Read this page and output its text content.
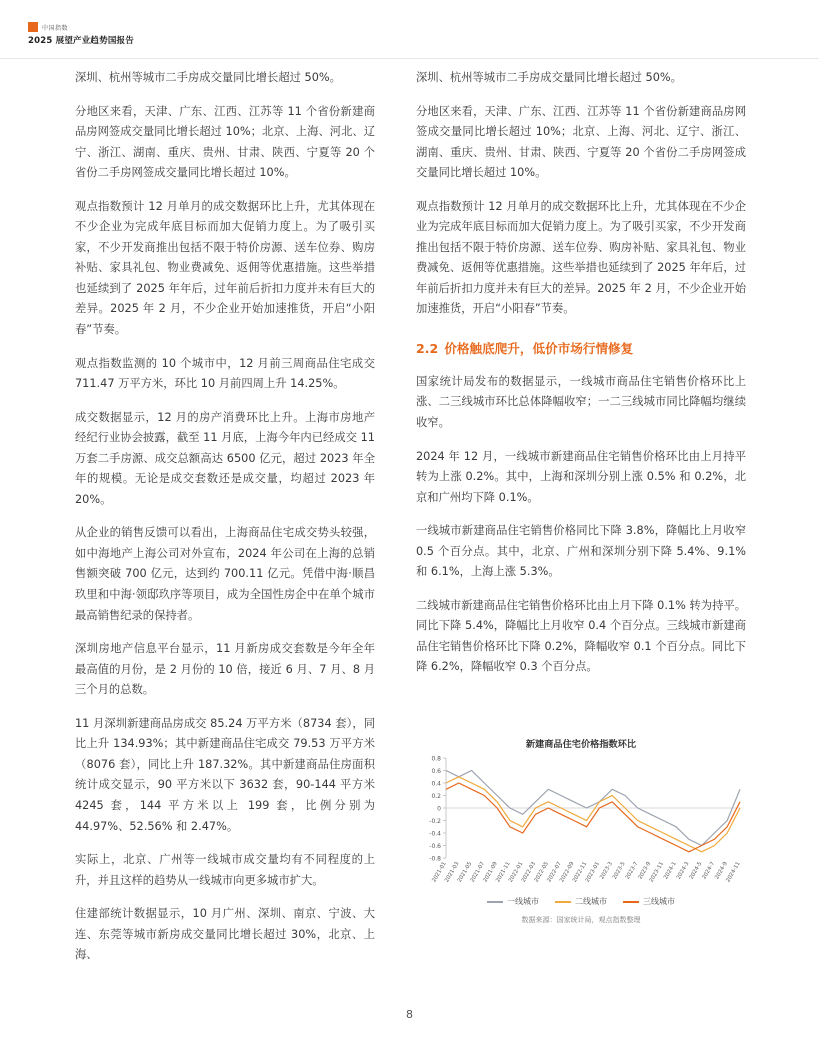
中国指数
2025 展望产业趋势国报告

深圳、杭州等城市二手房成交量同比增长超过 50%。

分地区来看，天津、广东、江西、江苏等 11 个省份新建商品房网签成交量同比增长超过 10%；北京、上海、河北、辽宁、浙江、湖南、重庆、贵州、甘肃、陕西、宁夏等 20 个省份二手房网签成交量同比增长超过 10%。

观点指数预计 12 月单月的成交数据环比上升，尤其体现在不少企业为完成年底目标而加大促销力度上。为了吸引买家，不少开发商推出包括不限于特价房源、送车位券、购房补贴、家具礼包、物业费减免、返佣等优惠措施。这些举措也延续到了 2025 年年后，过年前后折扣力度并未有巨大的差异。2025 年 2 月，不少企业开始加速推货，开启“小阳春”节奏。

观点指数监测的 10 个城市中，12 月前三周商品住宅成交 711.47 万平方米，环比 10 月前四周上升 14.25%。

成交数据显示，12 月的房产消费环比上升。上海市房地产经纪行业协会披露，截至 11 月底，上海今年内已经成交 11 万套二手房源、成交总额高达 6500 亿元，超过 2023 年全年的规模。无论是成交套数还是成交量，均超过 2023 年 20%。

从企业的销售反馈可以看出，上海商品住宅成交势头较强，如中海地产上海公司对外宣布，2024 年公司在上海的总销售额突破 700 亿元，达到约 700.11 亿元。凭借中海·顺昌玖里和中海·领邸玖序等项目，成为全国性房企中在单个城市最高销售纪录的保持者。

深圳房地产信息平台显示，11 月新房成交套数是今年全年最高值的月份，是 2 月份的 10 倍，接近 6 月、7 月、8 月三个月的总数。

11 月深圳新建商品房成交 85.24 万平方米（8734 套），同比上升 134.93%；其中新建商品住宅成交 79.53 万平方米（8076 套），同比上升 187.32%。其中新建商品住房面积统计成交显示，90 平方米以下 3632 套，90-144 平方米 4245 套，144 平方米以上 199 套，比例分别为 44.97%、52.56% 和 2.47%。

实际上，北京、广州等一线城市成交量均有不同程度的上升，并且这样的趋势从一线城市向更多城市扩大。

住建部统计数据显示，10 月广州、深圳、南京、宁波、大连、东莞等城市新房成交量同比增长超过 30%，北京、上海、

深圳、杭州等城市二手房成交量同比增长超过 50%。

分地区来看，天津、广东、江西、江苏等 11 个省份新建商品房网签成交量同比增长超过 10%；北京、上海、河北、辽宁、浙江、湖南、重庆、贵州、甘肃、陕西、宁夏等 20 个省份二手房网签成交量同比增长超过 10%。

观点指数预计 12 月单月的成交数据环比上升，尤其体现在不少企业为完成年底目标而加大促销力度上。为了吸引买家，不少开发商推出包括不限于特价房源、送车位券、购房补贴、家具礼包、物业费减免、返佣等优惠措施。这些举措也延续到了 2025 年年后，过年前后折扣力度并未有巨大的差异。2025 年 2 月，不少企业开始加速推货，开启“小阳春”节奏。

2.2 价格触底爬升，低价市场行情修复

国家统计局发布的数据显示，一线城市商品住宅销售价格环比上涨、二三线城市环比总体降幅收窄；一二三线城市同比降幅均继续收窄。

2024 年 12 月，一线城市新建商品住宅销售价格环比由上月持平转为上涨 0.2%。其中，上海和深圳分别上涨 0.5% 和 0.2%，北京和广州均下降 0.1%。

一线城市新建商品住宅销售价格同比下降 3.8%，降幅比上月收窄 0.5 个百分点。其中，北京、广州和深圳分别下降 5.4%、9.1% 和 6.1%，上海上涨 5.3%。

二线城市新建商品住宅销售价格环比由上月下降 0.1% 转为持平。同比下降 5.4%，降幅比上月收窄 0.4 个百分点。三线城市新建商品住宅销售价格环比下降 0.2%，降幅收窄 0.1 个百分点。同比下降 6.2%，降幅收窄 0.3 个百分点。

新建商品住宅价格指数环比
0.8
0.6
0.4
0.2
0
-0.2
-0.4
-0.6
-0.8
2021-01
2021-03
2021-05
2021-07
2021-09
2021-11
2022-01
2022-03
2022-05
2022-07
2022-09
2022-11
2023-01
2023-3
2023-5
2023-7
2023-9
2023-11
2024-1
2024-3
2024-5
2024-7
2024-9
2024-11
一线城市	二线城市	三线城市
数据来源：国家统计局，观点指数整理
8
